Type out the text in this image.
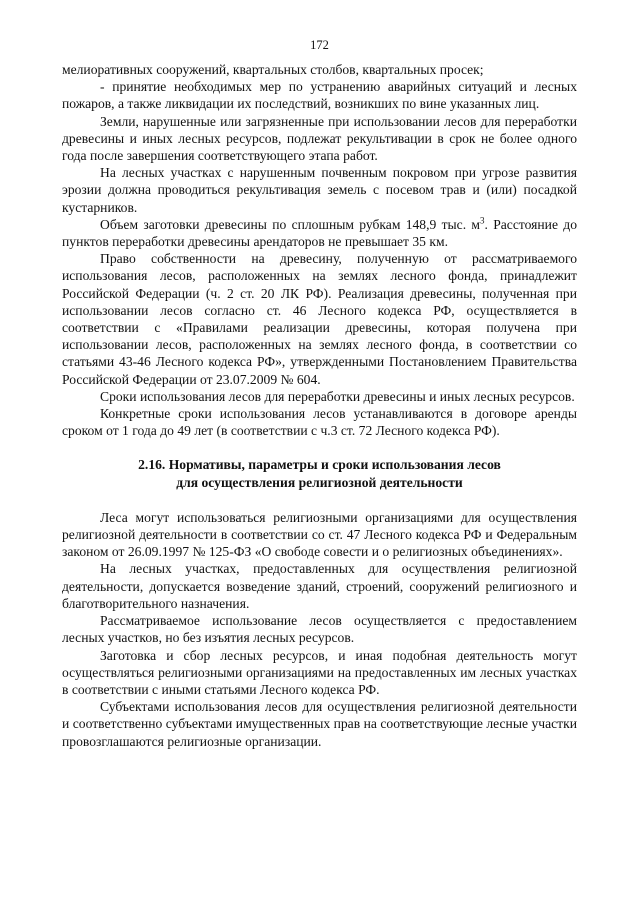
172

мелиоративных сооружений, квартальных столбов, квартальных просек;

- принятие необходимых мер по устранению аварийных ситуаций и лесных пожаров, а также ликвидации их последствий, возникших по вине указанных лиц.

Земли, нарушенные или загрязненные при использовании лесов для переработки древесины и иных лесных ресурсов, подлежат рекультивации в срок не более одного года после завершения соответствующего этапа работ.

На лесных участках с нарушенным почвенным покровом при угрозе развития эрозии должна проводиться рекультивация земель с посевом трав и (или) посадкой кустарников.

Объем заготовки древесины по сплошным рубкам 148,9 тыс. $м^3$. Расстояние до пунктов переработки древесины арендаторов не превышает 35 км.

Право собственности на древесину, полученную от рассматриваемого использования лесов, расположенных на землях лесного фонда, принадлежит Российской Федерации (ч. 2 ст. 20 ЛК РФ). Реализация древесины, полученная при использовании лесов согласно ст. 46 Лесного кодекса РФ, осуществляется в соответствии с «Правилами реализации древесины, которая получена при использовании лесов, расположенных на землях лесного фонда, в соответствии со статьями 43-46 Лесного кодекса РФ», утвержденными Постановлением Правительства Российской Федерации от 23.07.2009 № 604.

Сроки использования лесов для переработки древесины и иных лесных ресурсов.

Конкретные сроки использования лесов устанавливаются в договоре аренды сроком от 1 года до 49 лет (в соответствии с ч.3 ст. 72 Лесного кодекса РФ).

2.16. Нормативы, параметры и сроки использования лесов
для осуществления религиозной деятельности

Леса могут использоваться религиозными организациями для осуществления религиозной деятельности в соответствии со ст. 47 Лесного кодекса РФ и Федеральным законом от 26.09.1997 № 125-ФЗ «О свободе совести и о религиозных объединениях».

На лесных участках, предоставленных для осуществления религиозной деятельности, допускается возведение зданий, строений, сооружений религиозного и благотворительного назначения.

Рассматриваемое использование лесов осуществляется с предоставлением лесных участков, но без изъятия лесных ресурсов.

Заготовка и сбор лесных ресурсов, и иная подобная деятельность могут осуществляться религиозными организациями на предоставленных им лесных участках в соответствии с иными статьями Лесного кодекса РФ.

Субъектами использования лесов для осуществления религиозной деятельности и соответственно субъектами имущественных прав на соответствующие лесные участки провозглашаются религиозные организации.
